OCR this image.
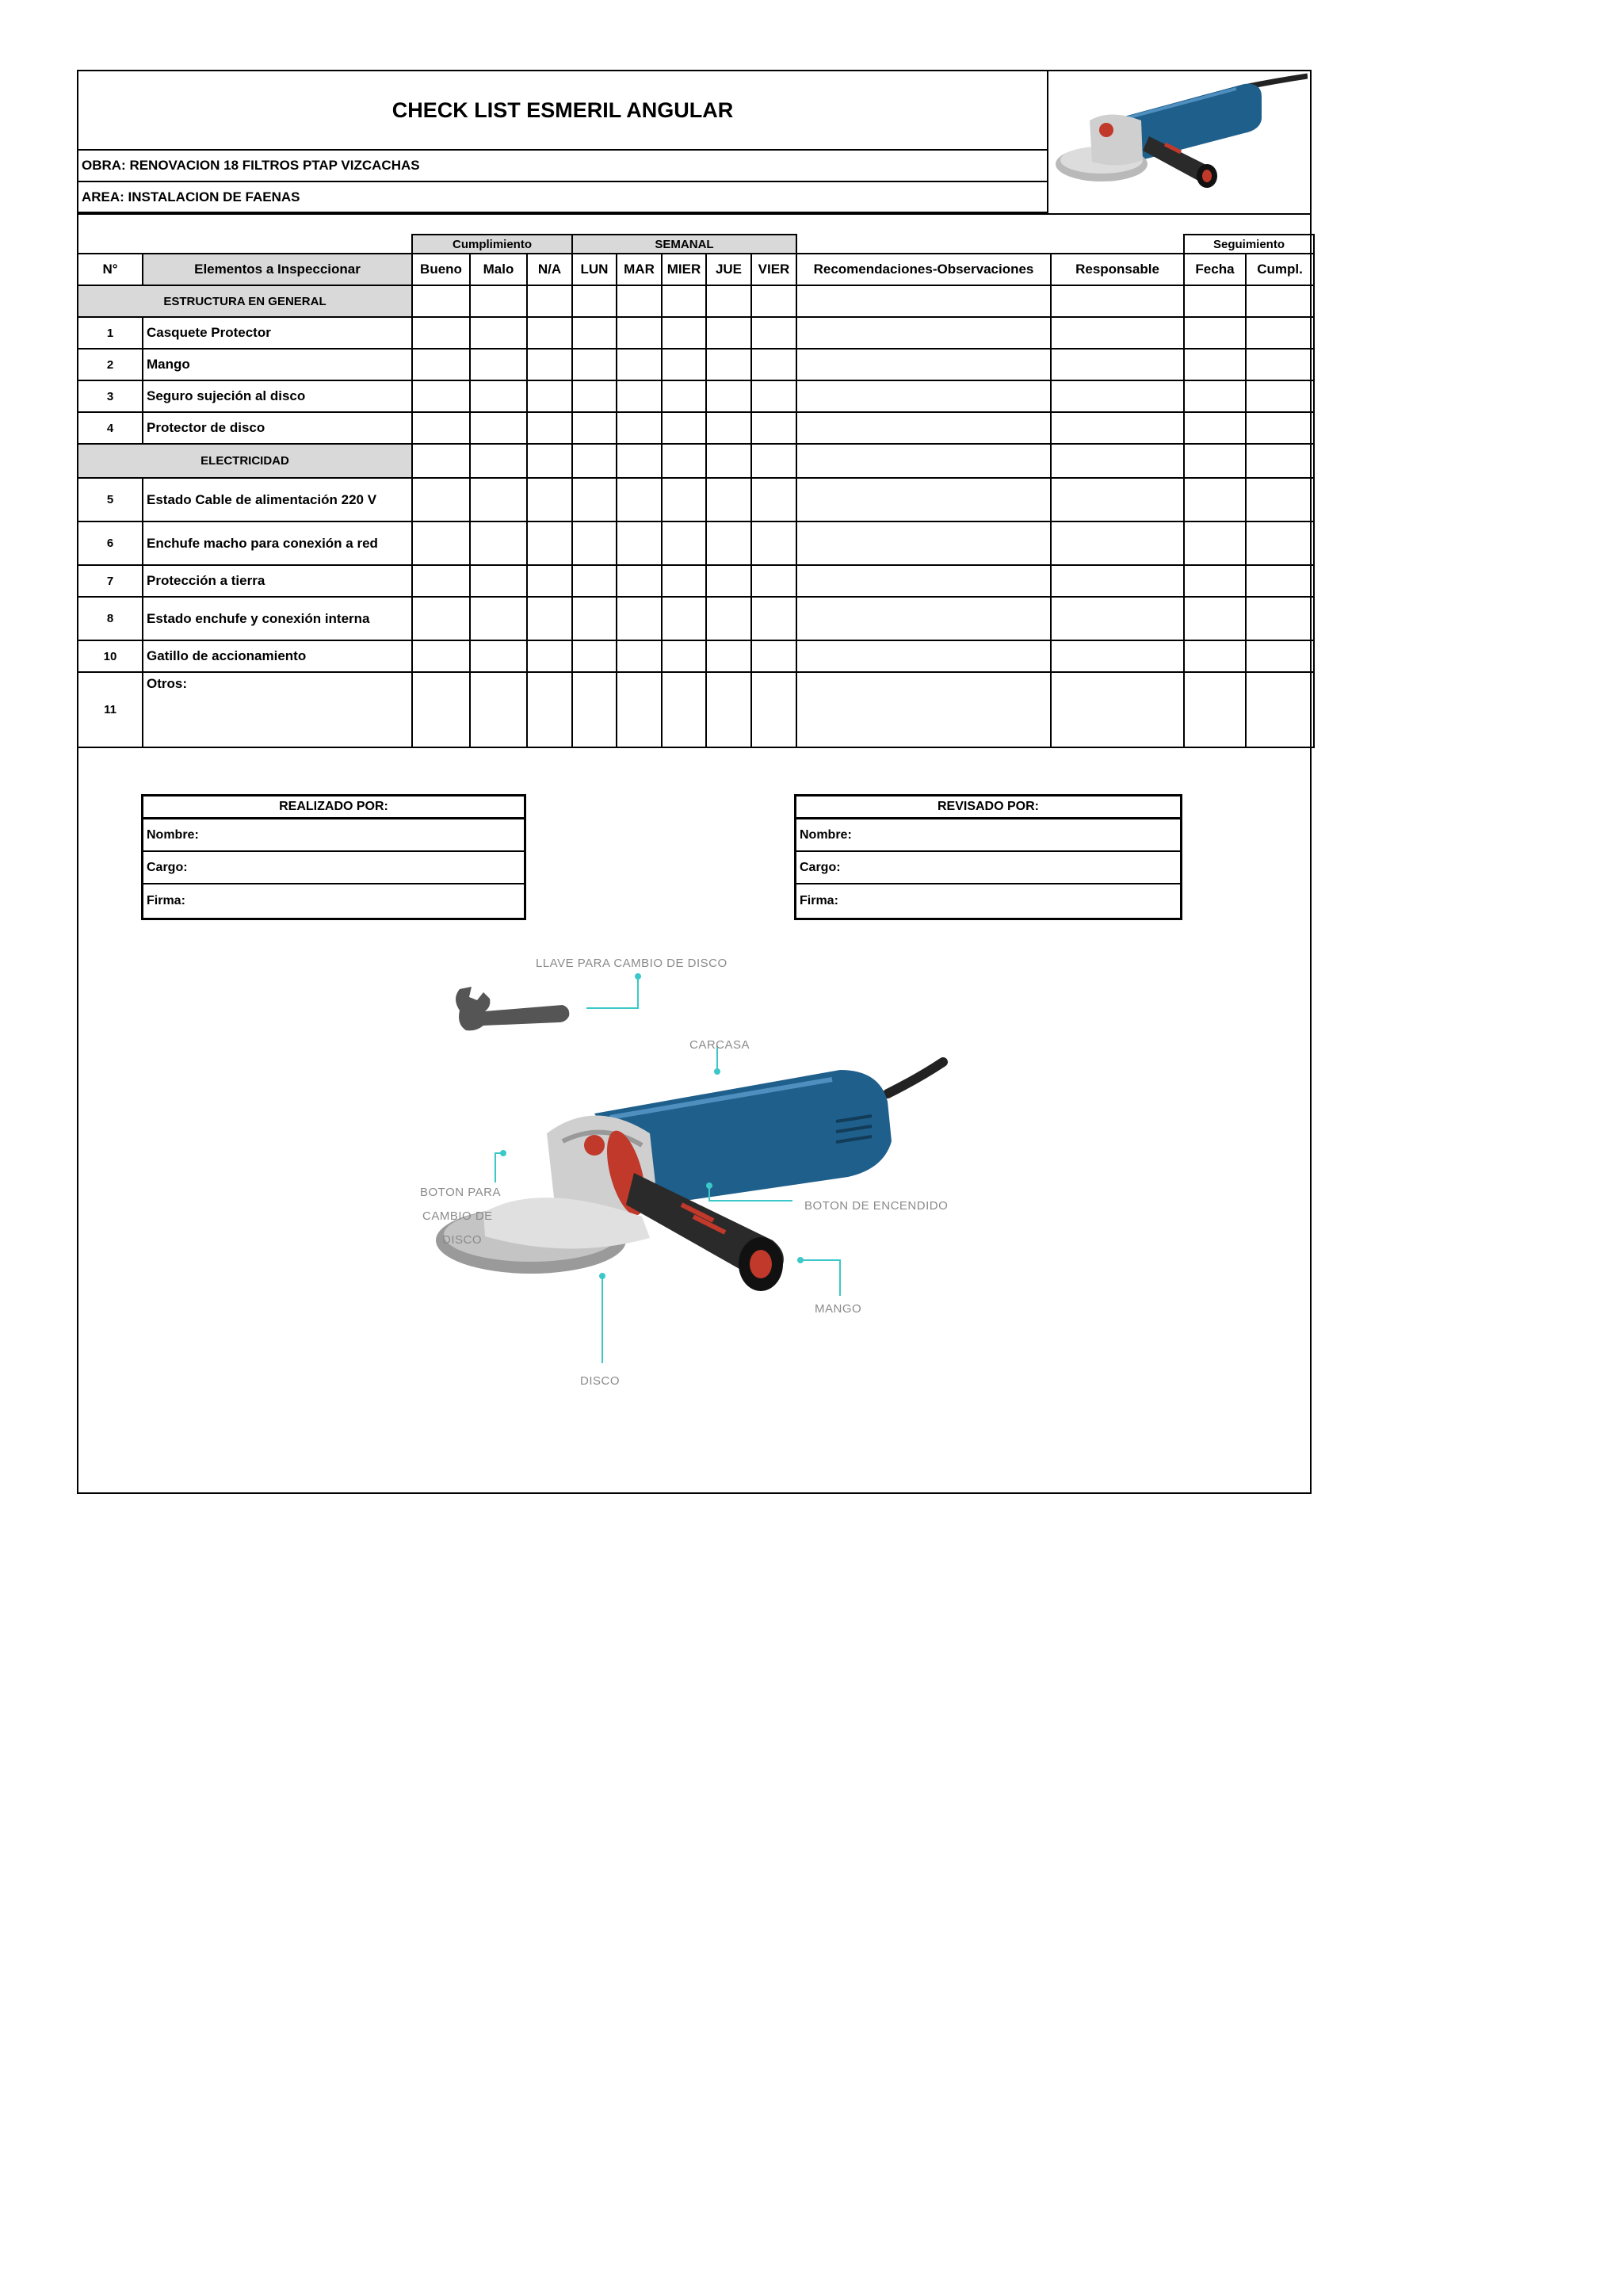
CHECK LIST ESMERIL ANGULAR
OBRA: RENOVACION 18 FILTROS PTAP VIZCACHAS
AREA: INSTALACION DE FAENAS
		Cumplimiento			SEMANAL							Seguimiento	
N°	Elementos a Inspeccionar	Bueno	Malo	N/A	LUN	MAR	MIER	JUE	VIER	Recomendaciones-Observaciones	Responsable	Fecha	Cumpl.
ESTRUCTURA EN GENERAL													
1	Casquete Protector												
2	Mango												
3	Seguro sujeción al disco												
4	Protector de disco												
ELECTRICIDAD													
5	Estado Cable de alimentación 220 V												
6	Enchufe macho para conexión a red												
7	Protección a tierra												
8	Estado enchufe y conexión interna												
10	Gatillo de accionamiento												
11	Otros:												
REALIZADO POR:
Nombre:
Cargo:
Firma:
REVISADO POR:
Nombre:
Cargo:
Firma:
LLAVE PARA CAMBIO DE DISCO
CARCASA
BOTON PARA
CAMBIO DE
DISCO
BOTON DE ENCENDIDO
MANGO
DISCO
